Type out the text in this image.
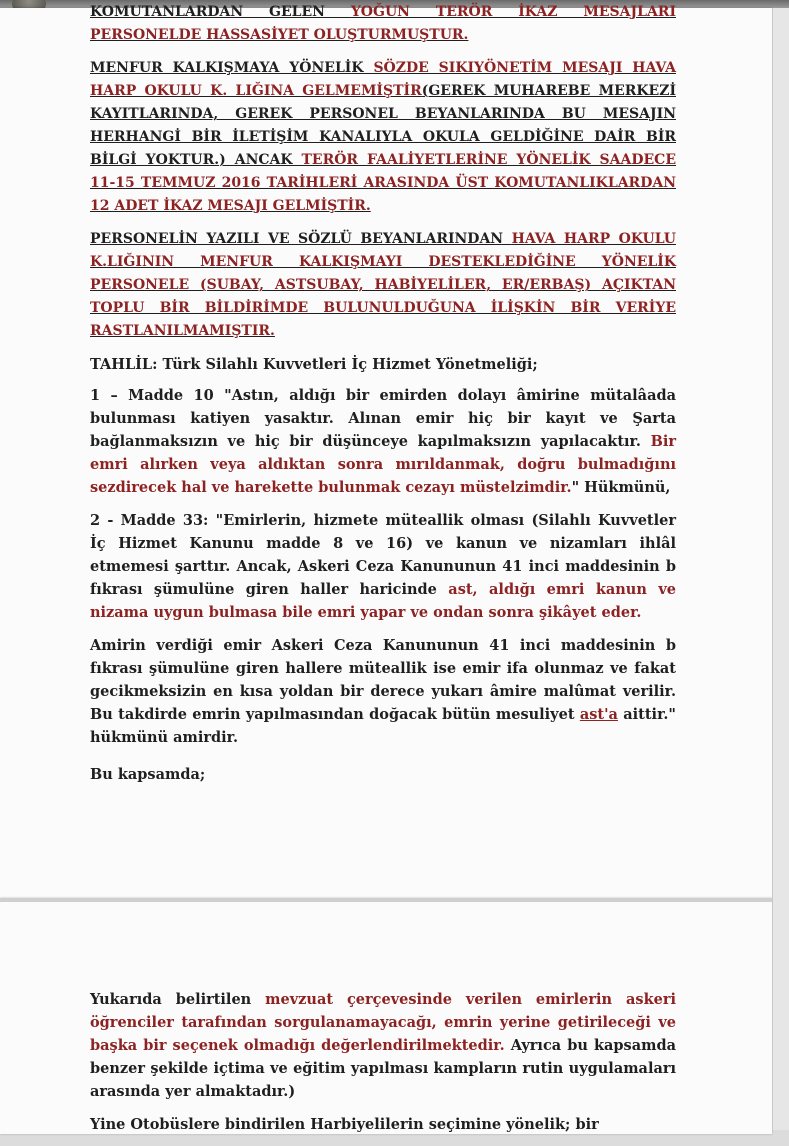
KOMUTANLARDAN GELEN YOĞUN TERÖR İKAZ MESAJLARI PERSONELDE HASSASİYET OLUŞTURMUŞTUR.

MENFUR KALKIŞMAYA YÖNELİK SÖZDE SIKIYÖNETİM MESAJI HAVA HARP OKULU K. LIĞINA GELMEMİŞTİR(GEREK MUHAREBE MERKEZİ KAYITLARINDA, GEREK PERSONEL BEYANLARINDA BU MESAJIN HERHANGİ BİR İLETİŞİM KANALIYLA OKULA GELDİĞİNE DAİR BİR BİLGİ YOKTUR.) ANCAK TERÖR FAALİYETLERİNE YÖNELİK SAADECE 11-15 TEMMUZ 2016 TARİHLERİ ARASINDA ÜST KOMUTANLIKLARDAN 12 ADET İKAZ MESAJI GELMİŞTİR.

PERSONELİN YAZILI VE SÖZLÜ BEYANLARINDAN HAVA HARP OKULU K.LIĞININ MENFUR KALKIŞMAYI DESTEKLEDİĞİNE YÖNELİK PERSONELE (SUBAY, ASTSUBAY, HABİYELİLER, ER/ERBAŞ) AÇIKTAN TOPLU BİR BİLDİRİMDE BULUNULDUĞUNA İLİŞKİN BİR VERİYE RASTLANILMAMIŞTIR.

TAHLİL: Türk Silahlı Kuvvetleri İç Hizmet Yönetmeliği;

1 – Madde 10 "Astın, aldığı bir emirden dolayı âmirine mütalâada bulunması katiyen yasaktır. Alınan emir hiç bir kayıt ve Şarta bağlanmaksızın ve hiç bir düşünceye kapılmaksızın yapılacaktır. Bir emri alırken veya aldıktan sonra mırıldanmak, doğru bulmadığını sezdirecek hal ve harekette bulunmak cezayı müstelzimdir." Hükmünü,

2 - Madde 33: "Emirlerin, hizmete müteallik olması (Silahlı Kuvvetler İç Hizmet Kanunu madde 8 ve 16) ve kanun ve nizamları ihlâl etmemesi şarttır. Ancak, Askeri Ceza Kanununun 41 inci maddesinin b fıkrası şümulüne giren haller haricinde ast, aldığı emri kanun ve nizama uygun bulmasa bile emri yapar ve ondan sonra şikâyet eder.

Amirin verdiği emir Askeri Ceza Kanununun 41 inci maddesinin b fıkrası şümulüne giren hallere müteallik ise emir ifa olunmaz ve fakat gecikmeksizin en kısa yoldan bir derece yukarı âmire malûmat verilir. Bu takdirde emrin yapılmasından doğacak bütün mesuliyet ast'a aittir." hükmünü amirdir.

Bu kapsamda;

Yukarıda belirtilen mevzuat çerçevesinde verilen emirlerin askeri öğrenciler tarafından sorgulanamayacağı, emrin yerine getirileceği ve başka bir seçenek olmadığı değerlendirilmektedir. Ayrıca bu kapsamda benzer şekilde içtima ve eğitim yapılması kampların rutin uygulamaları arasında yer almaktadır.)

Yine Otobüslere bindirilen Harbiyelilerin seçimine yönelik; bir
